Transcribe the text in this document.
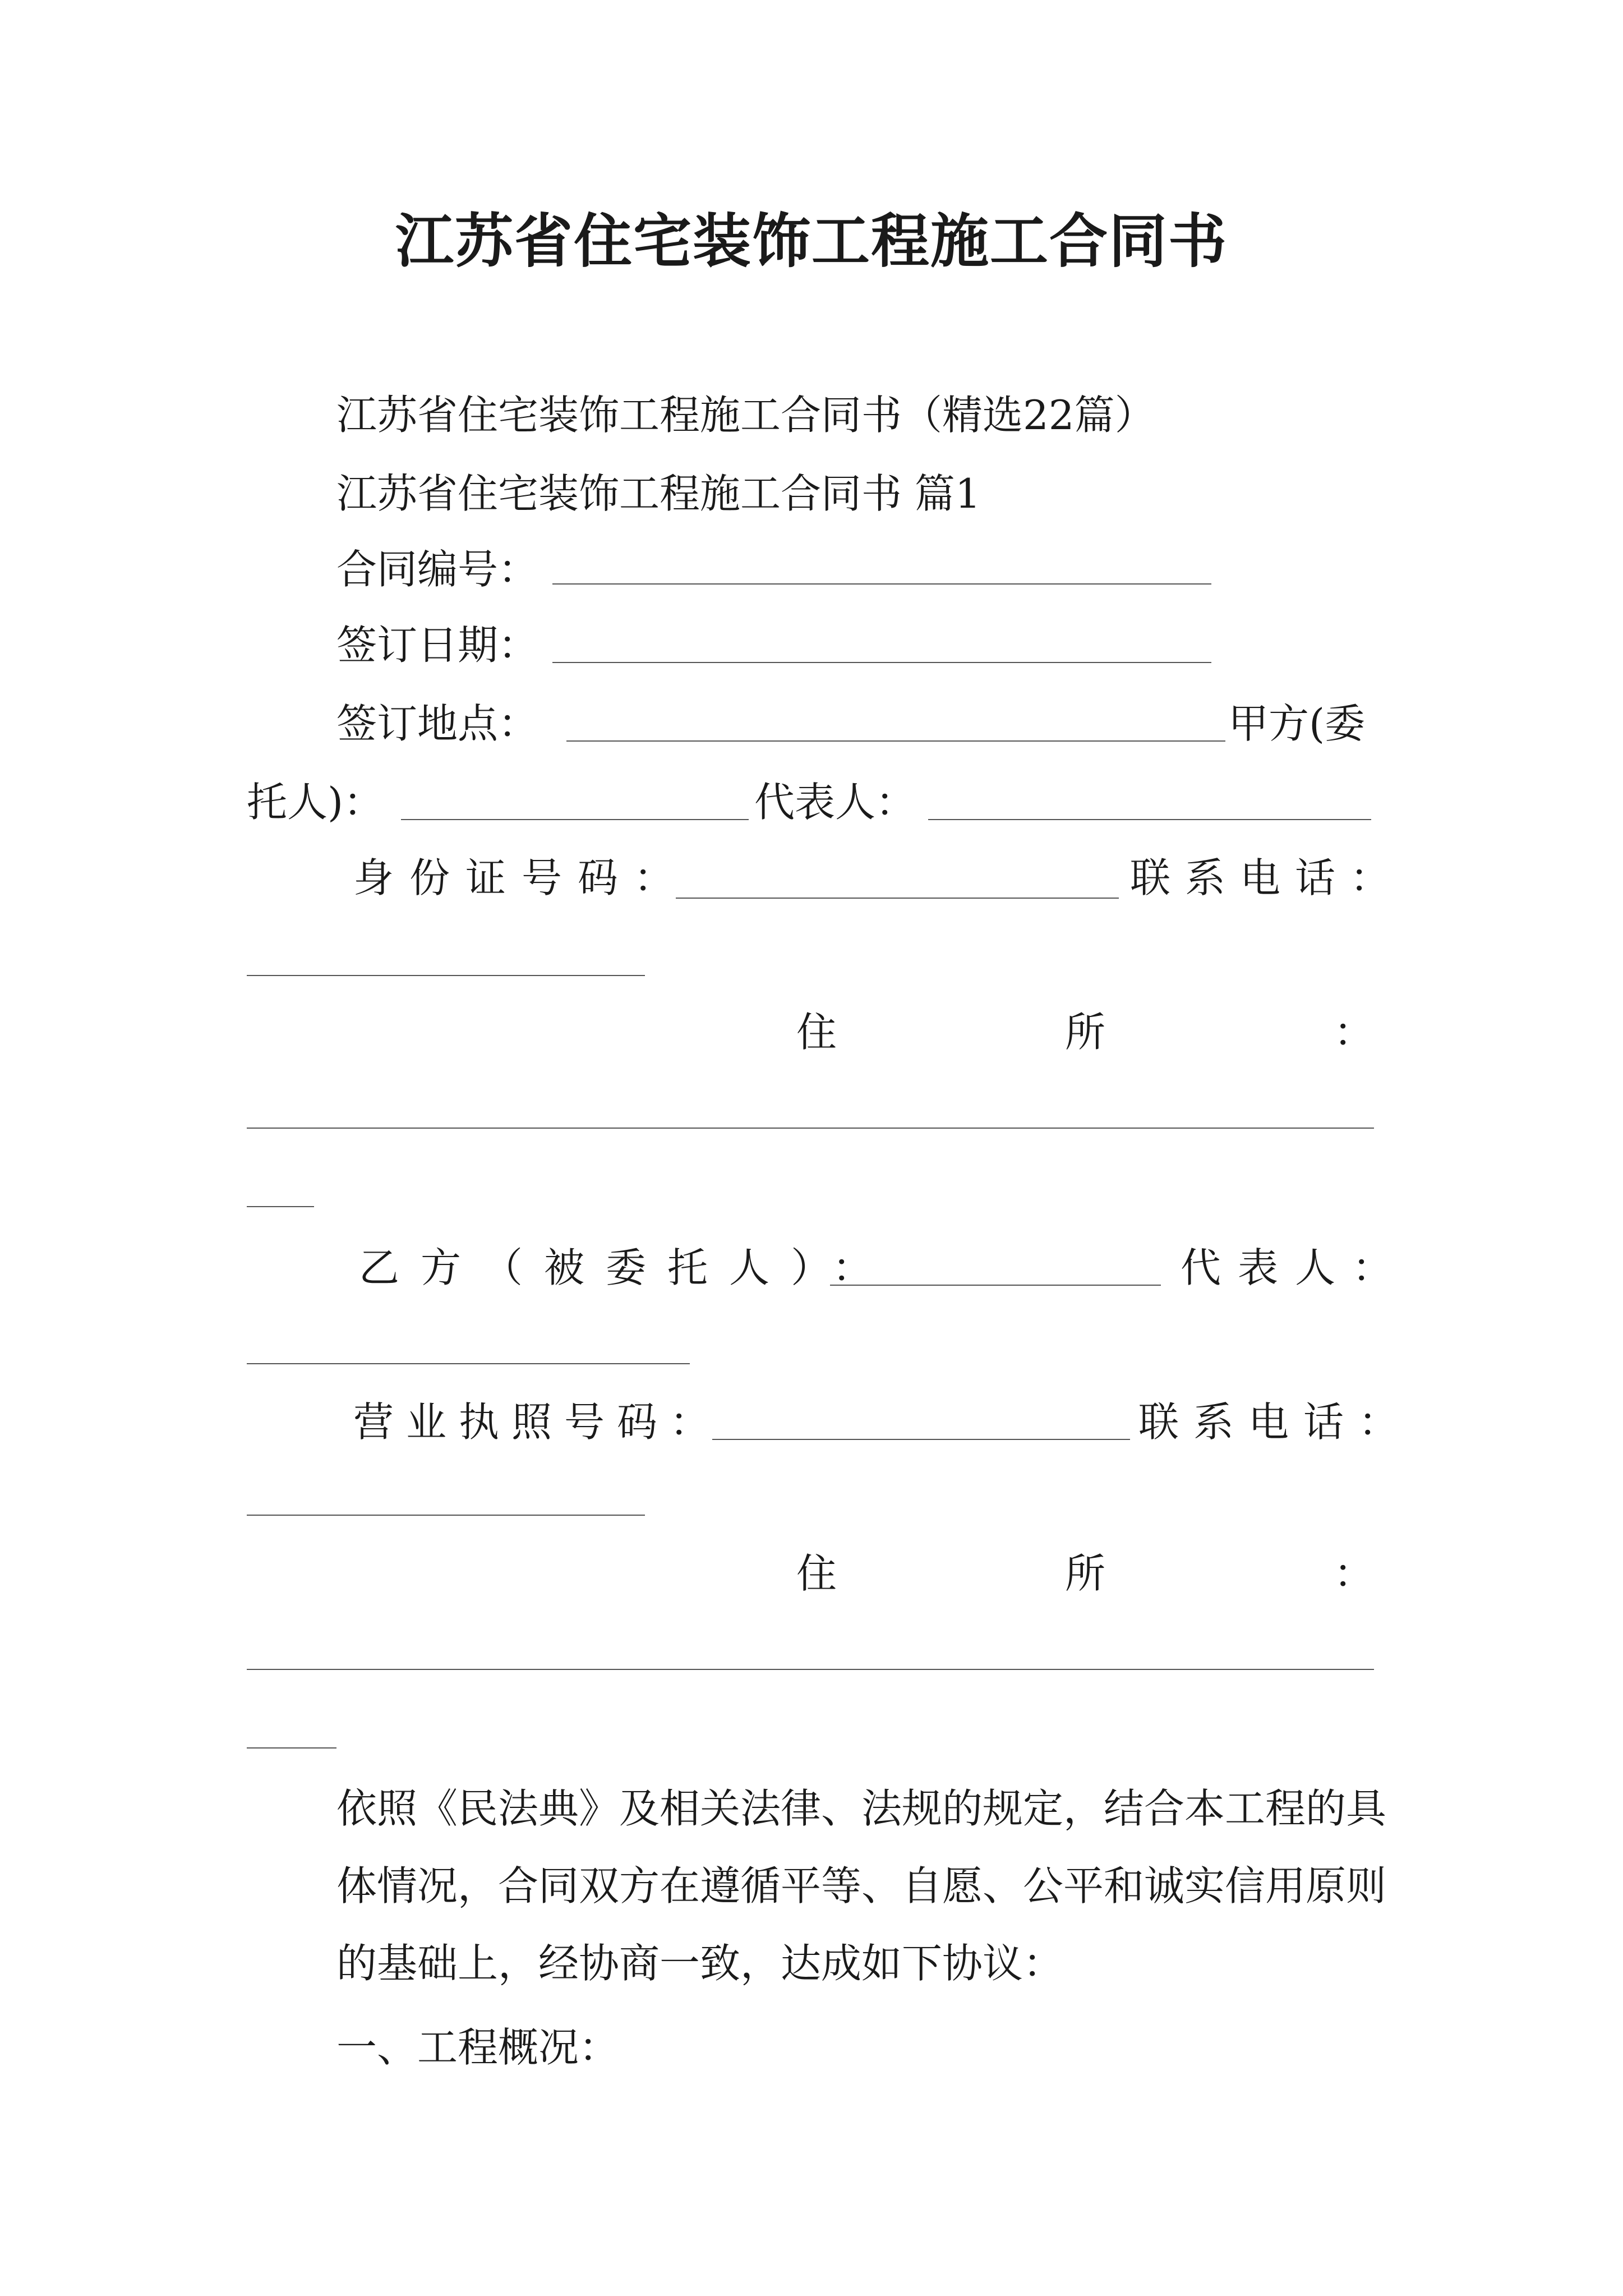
江苏省住宅装饰工程施工合同书
江苏省住宅装饰工程施工合同书（精选22篇）
江苏省住宅装饰工程施工合同书 篇1
合同编号：
签订日期：
签订地点：	甲方(委
托人)：	代表人：
身份证号码：	联系电话：
住	所	：
乙方（被委托人）：	代表人：
营业执照号码：	联系电话：
住	所	：
依照《民法典》及相关法律、法规的规定，结合本工程的具体情况，合同双方在遵循平等、自愿、公平和诚实信用原则的基础上，经协商一致，达成如下协议：
一、工程概况：
